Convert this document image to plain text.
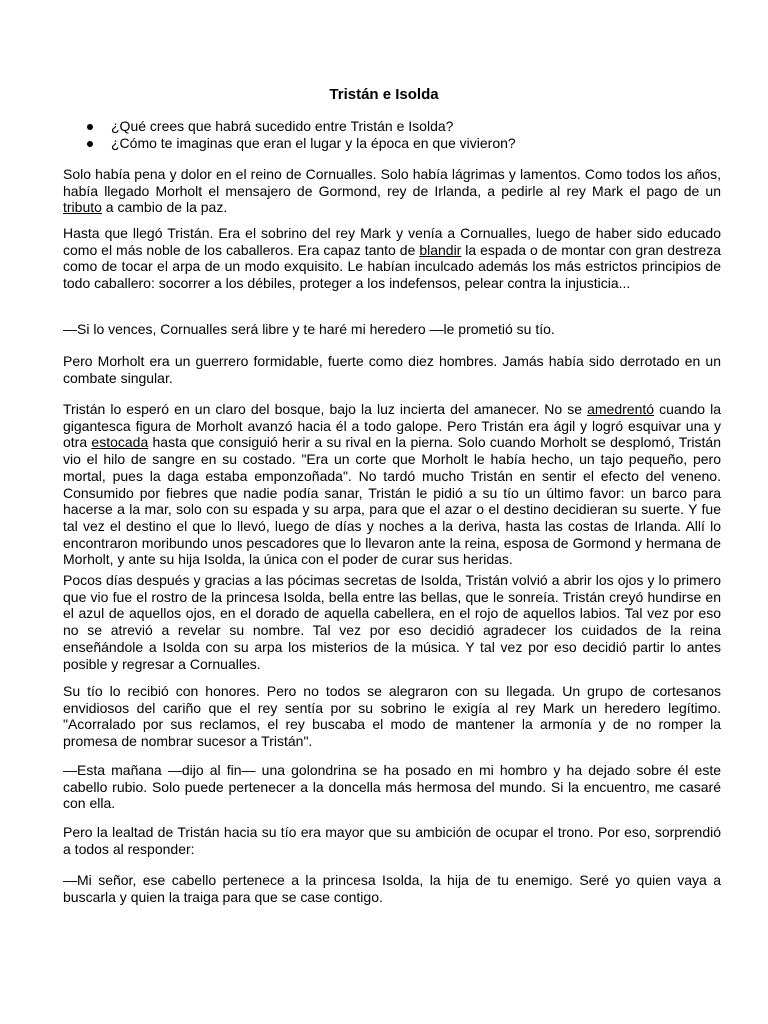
Tristán e Isolda
¿Qué crees que habrá sucedido entre Tristán e Isolda?
¿Cómo te imaginas que eran el lugar y la época en que vivieron?

Solo había pena y dolor en el reino de Cornualles. Solo había lágrimas y lamentos. Como todos los años, había llegado Morholt el mensajero de Gormond, rey de Irlanda, a pedirle al rey Mark el pago de un tributo a cambio de la paz.

Hasta que llegó Tristán. Era el sobrino del rey Mark y venía a Cornualles, luego de haber sido educado como el más noble de los caballeros. Era capaz tanto de blandir la espada o de montar con gran destreza como de tocar el arpa de un modo exquisito. Le habían inculcado además los más estrictos principios de todo caballero: socorrer a los débiles, proteger a los indefensos, pelear contra la injusticia...

—Si lo vences, Cornualles será libre y te haré mi heredero —le prometió su tío.

Pero Morholt era un guerrero formidable, fuerte como diez hombres. Jamás había sido derrotado en un combate singular.

Tristán lo esperó en un claro del bosque, bajo la luz incierta del amanecer. No se amedrentó cuando la gigantesca figura de Morholt avanzó hacia él a todo galope. Pero Tristán era ágil y logró esquivar una y otra estocada hasta que consiguió herir a su rival en la pierna. Solo cuando Morholt se desplomó, Tristán vio el hilo de sangre en su costado. "Era un corte que Morholt le había hecho, un tajo pequeño, pero mortal, pues la daga estaba emponzoñada". No tardó mucho Tristán en sentir el efecto del veneno. Consumido por fiebres que nadie podía sanar, Tristán le pidió a su tío un último favor: un barco para hacerse a la mar, solo con su espada y su arpa, para que el azar o el destino decidieran su suerte. Y fue tal vez el destino el que lo llevó, luego de días y noches a la deriva, hasta las costas de Irlanda. Allí lo encontraron moribundo unos pescadores que lo llevaron ante la reina, esposa de Gormond y hermana de Morholt, y ante su hija Isolda, la única con el poder de curar sus heridas.

Pocos días después y gracias a las pócimas secretas de Isolda, Tristán volvió a abrir los ojos y lo primero que vio fue el rostro de la princesa Isolda, bella entre las bellas, que le sonreía. Tristán creyó hundirse en el azul de aquellos ojos, en el dorado de aquella cabellera, en el rojo de aquellos labios. Tal vez por eso no se atrevió a revelar su nombre. Tal vez por eso decidió agradecer los cuidados de la reina enseñándole a Isolda con su arpa los misterios de la música. Y tal vez por eso decidió partir lo antes posible y regresar a Cornualles.

Su tío lo recibió con honores. Pero no todos se alegraron con su llegada. Un grupo de cortesanos envidiosos del cariño que el rey sentía por su sobrino le exigía al rey Mark un heredero legítimo. "Acorralado por sus reclamos, el rey buscaba el modo de mantener la armonía y de no romper la promesa de nombrar sucesor a Tristán".

—Esta mañana —dijo al fin— una golondrina se ha posado en mi hombro y ha dejado sobre él este cabello rubio. Solo puede pertenecer a la doncella más hermosa del mundo. Si la encuentro, me casaré con ella.

Pero la lealtad de Tristán hacia su tío era mayor que su ambición de ocupar el trono. Por eso, sorprendió a todos al responder:

—Mi señor, ese cabello pertenece a la princesa Isolda, la hija de tu enemigo. Seré yo quien vaya a buscarla y quien la traiga para que se case contigo.
